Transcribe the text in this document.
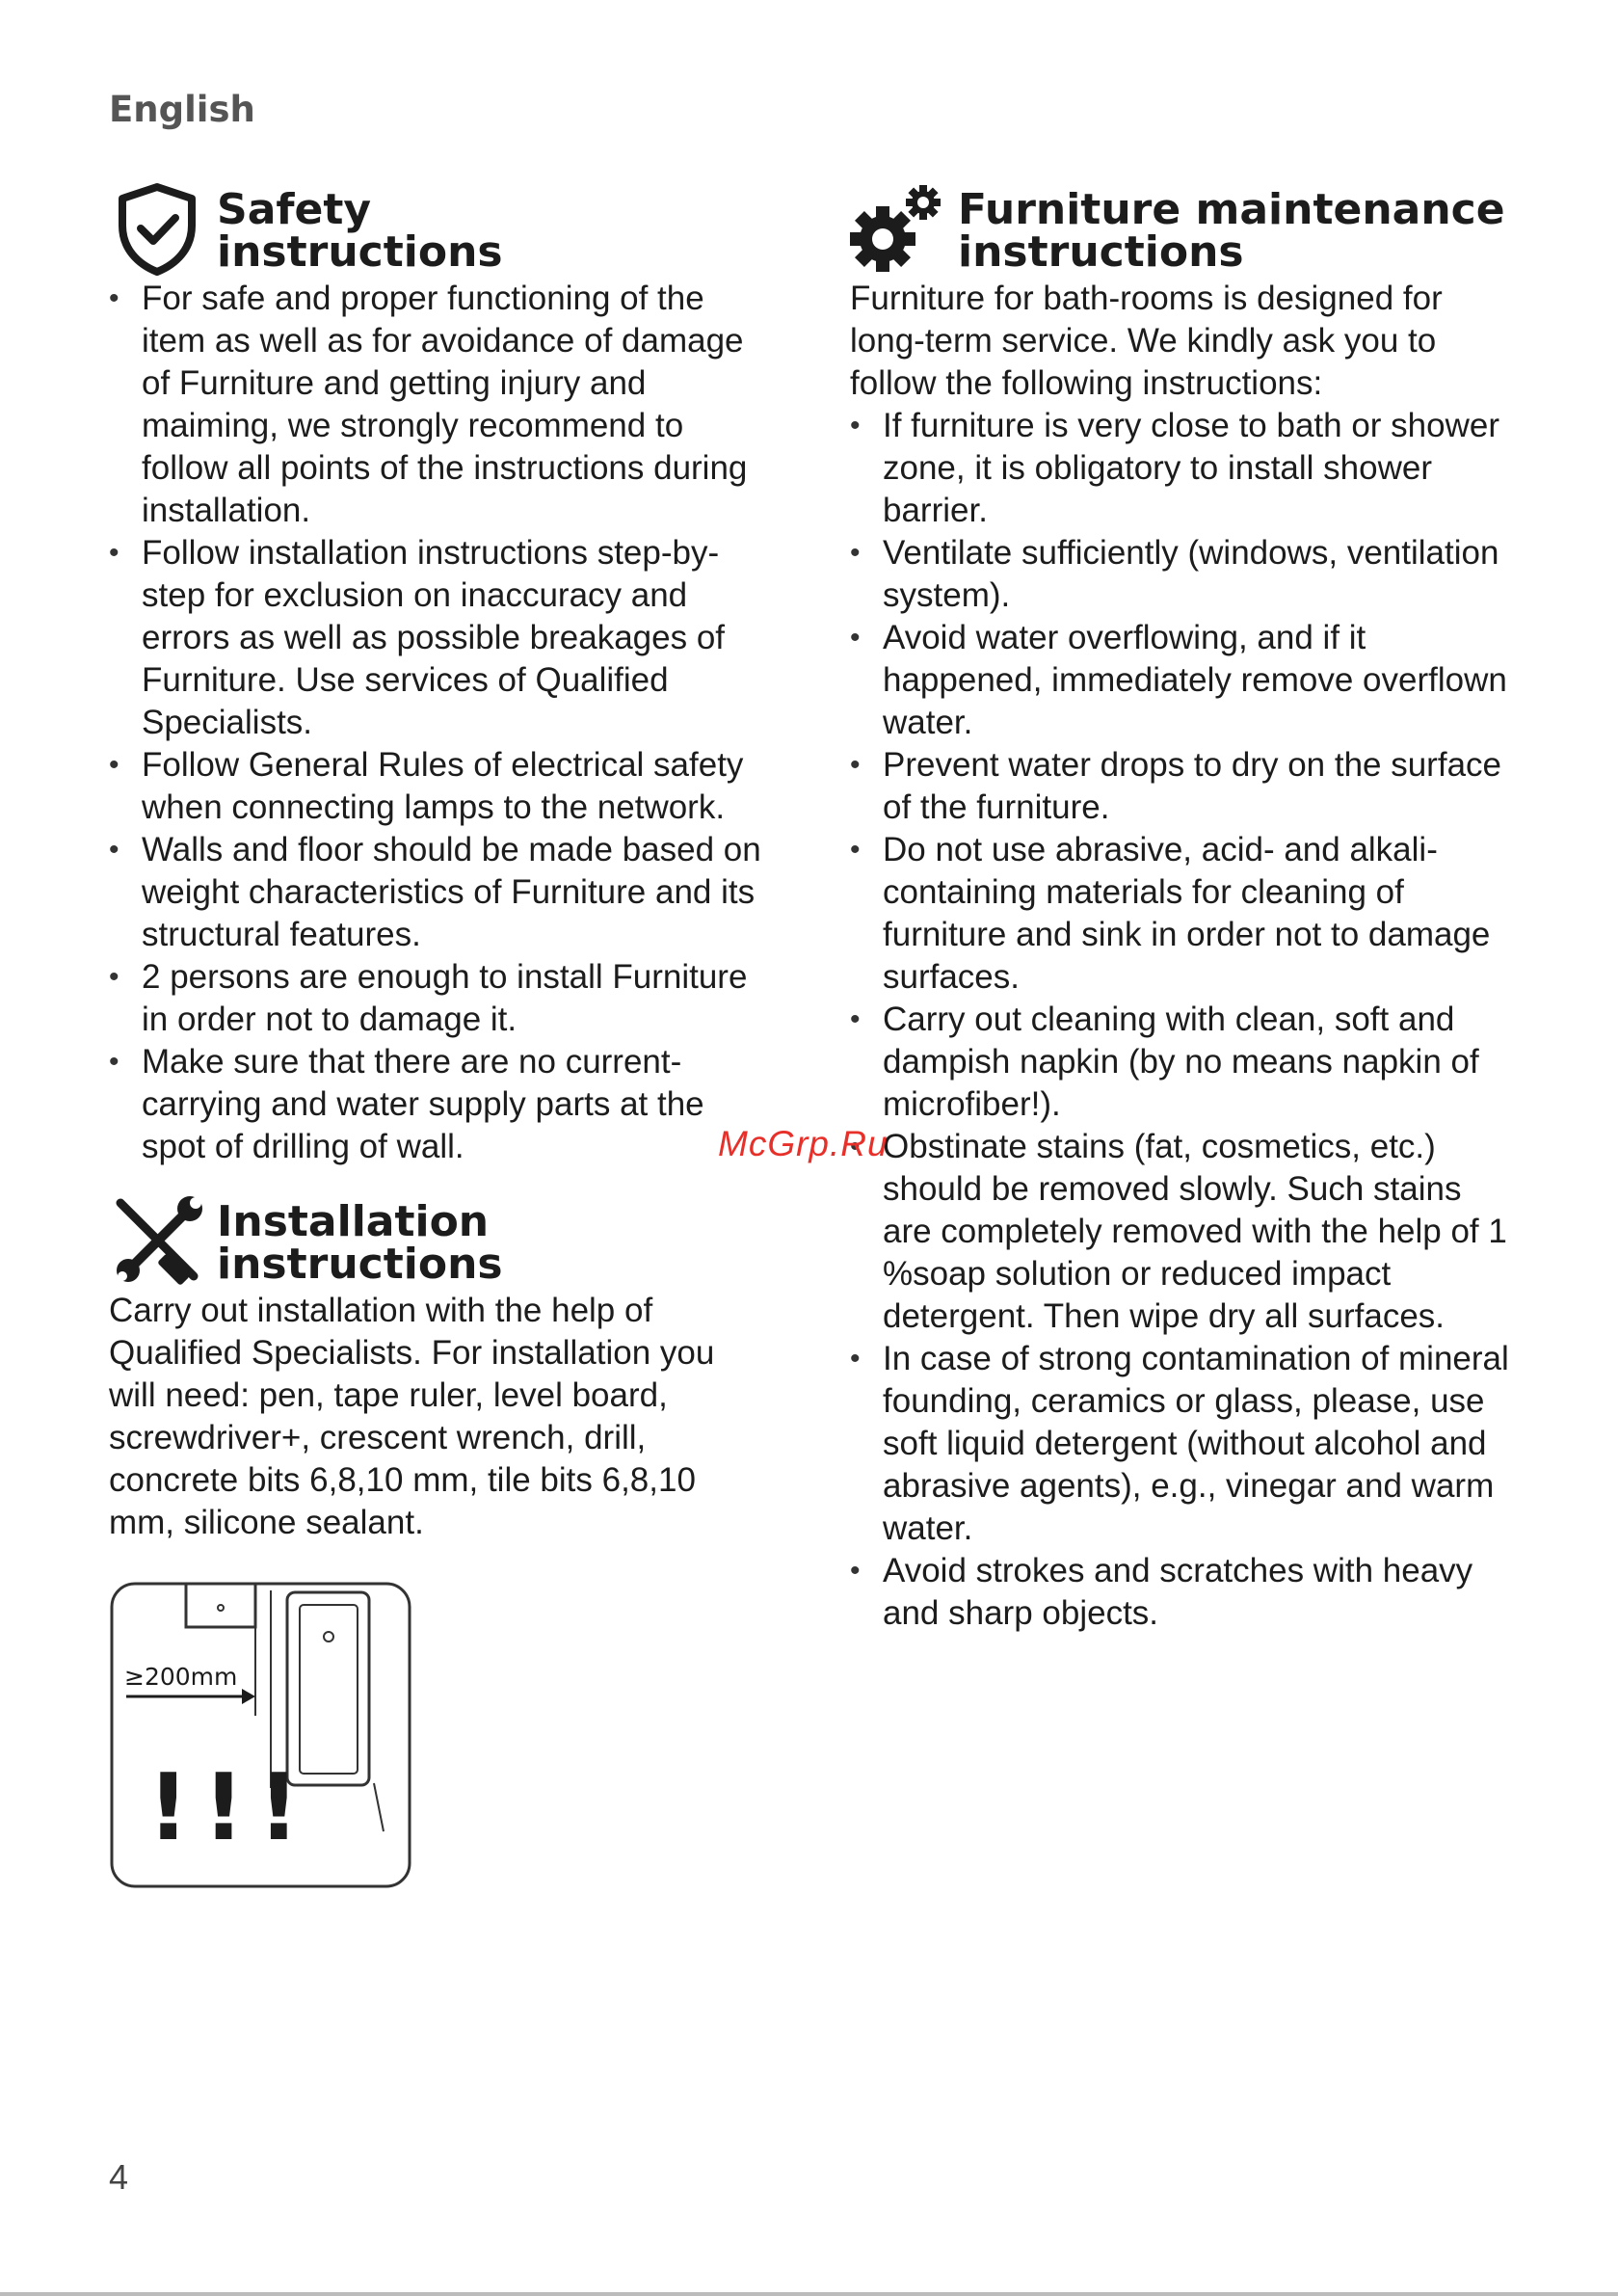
English
Safety
instructions
• For safe and proper functioning of the item as well as for avoidance of damage of Furniture and getting injury and maiming, we strongly recommend to follow all points of the instructions during installation.
• Follow installation instructions step-by-step for exclusion on inaccuracy and errors as well as possible breakages of Furniture. Use services of Qualified Specialists.
• Follow General Rules of electrical safety when connecting lamps to the network.
• Walls and floor should be made based on weight characteristics of Furniture and its structural features.
• 2 persons are enough to install Furniture in order not to damage it.
• Make sure that there are no current-carrying and water supply parts at the spot of drilling of wall.
Installation
instructions

Carry out installation with the help of Qualified Specialists. For installation you will need: pen, tape ruler, level board, screwdriver+, crescent wrench, drill, concrete bits 6,8,10 mm, tile bits 6,8,10 mm, silicone sealant.

≥200mm
!!!
Furniture maintenance
instructions

Furniture for bath-rooms is designed for long-term service. We kindly ask you to follow the following instructions:

• If furniture is very close to bath or shower zone, it is obligatory to install shower barrier.
• Ventilate sufficiently (windows, ventilation system).
• Avoid water overflowing, and if it happened, immediately remove overflown water.
• Prevent water drops to dry on the surface of the furniture.
• Do not use abrasive, acid- and alkali-containing materials for cleaning of furniture and sink in order not to damage surfaces.
• Carry out cleaning with clean, soft and dampish napkin (by no means napkin of microfiber!).
• Obstinate stains (fat, cosmetics, etc.) should be removed slowly. Such stains are completely removed with the help of 1 %soap solution or reduced impact detergent. Then wipe dry all surfaces.
• In case of strong contamination of mineral founding, ceramics or glass, please, use soft liquid detergent (without alcohol and abrasive agents), e.g., vinegar and warm water.
• Avoid strokes and scratches with heavy and sharp objects.
McGrp.Ru
4
